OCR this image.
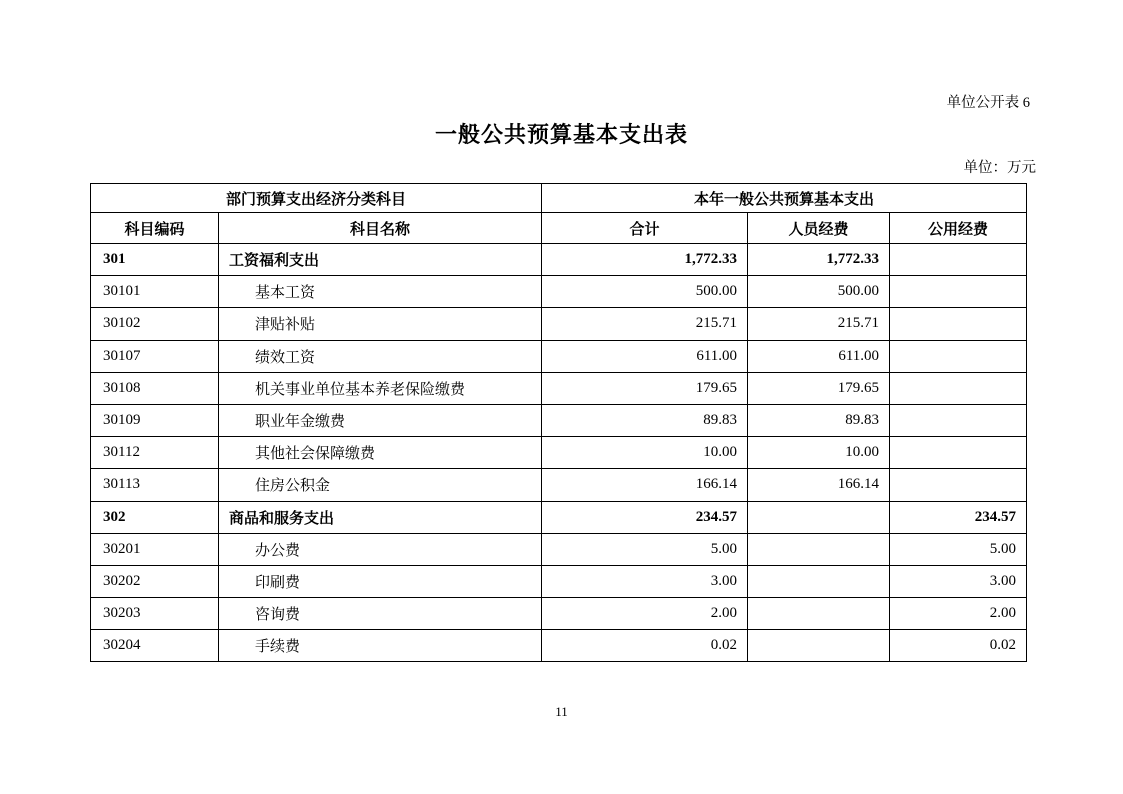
单位公开表 6
一般公共预算基本支出表
单位：万元
部门预算支出经济分类科目		本年一般公共预算基本支出		
科目编码	科目名称	合计	人员经费	公用经费
301	工资福利支出	1,772.33	1,772.33	
30101	基本工资	500.00	500.00	
30102	津贴补贴	215.71	215.71	
30107	绩效工资	611.00	611.00	
30108	机关事业单位基本养老保险缴费	179.65	179.65	
30109	职业年金缴费	89.83	89.83	
30112	其他社会保障缴费	10.00	10.00	
30113	住房公积金	166.14	166.14	
302	商品和服务支出	234.57		234.57
30201	办公费	5.00		5.00
30202	印刷费	3.00		3.00
30203	咨询费	2.00		2.00
30204	手续费	0.02		0.02
11
